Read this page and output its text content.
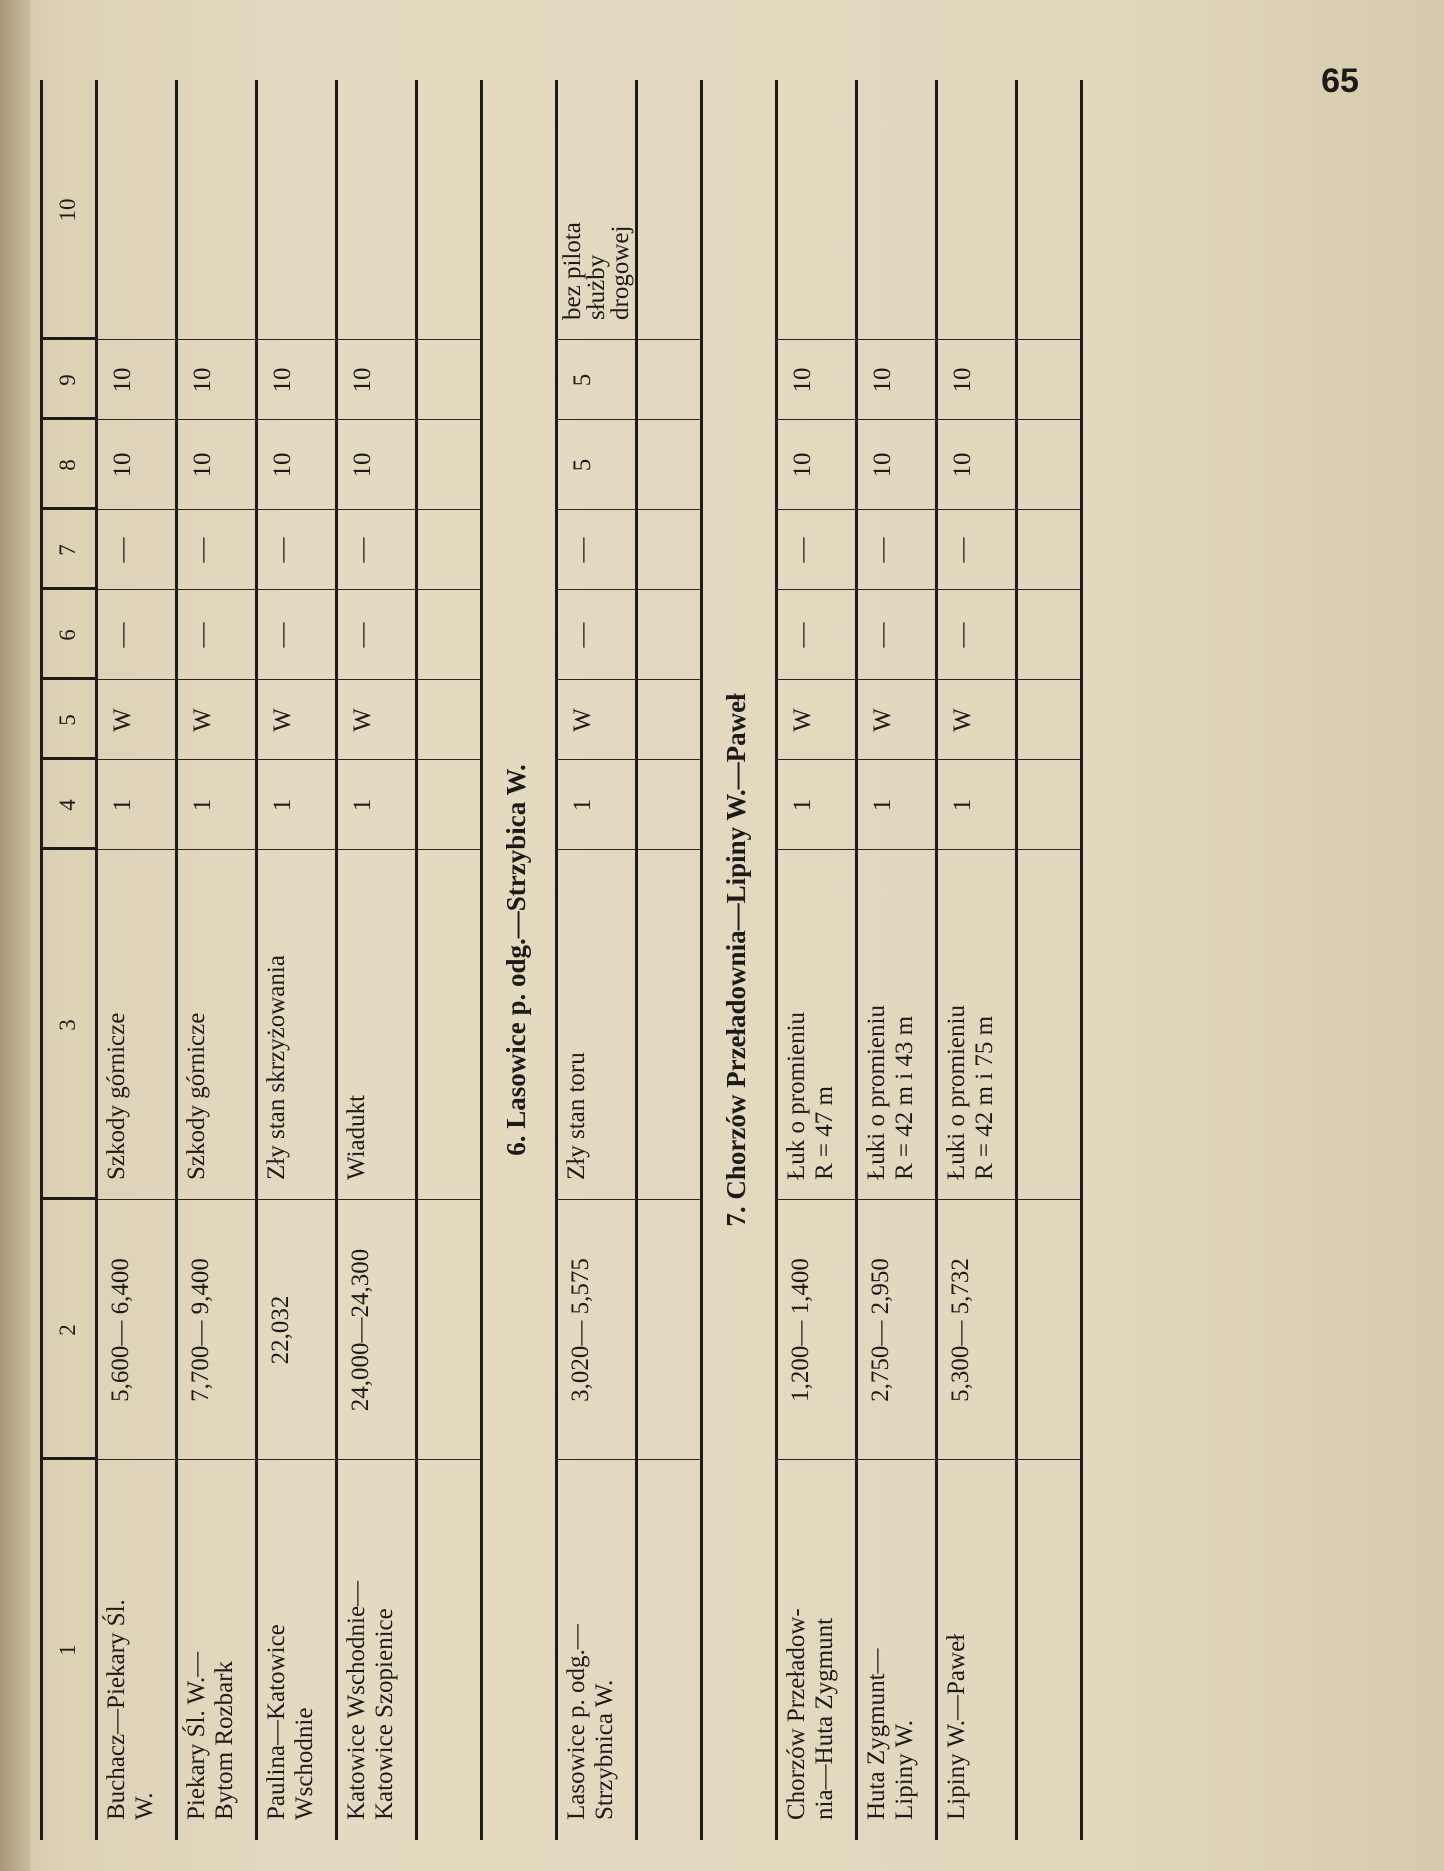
65
1
2
3
4
5
6
7
8
9
10
Buchacz—Piekary Śl. W.
5,600— 6,400
Szkody górnicze
1
W
—
—
10
10
Piekary Śl. W.— Bytom Rozbark
7,700— 9,400
Szkody górnicze
1
W
—
—
10
10
Paulina—Katowice Wschodnie
22,032
Zły stan skrzyżowania
1
W
—
—
10
10
Katowice Wschodnie— Katowice Szopienice
24,000—24,300
Wiadukt
1
W
—
—
10
10
6. Lasowice p. odg.—Strzybica W.
Lasowice p. odg.— Strzybnica W.
3,020— 5,575
Zły stan toru
1
W
—
—
5
5
bez pilota
służby
drogowej
7. Chorzów Przeładownia—Lipiny W.—Paweł
Chorzów Przeładow- nia—Huta Zygmunt
1,200— 1,400
Łuk o promieniu R = 47 m
1
W
—
—
10
10
Huta Zygmunt— Lipiny W.
2,750— 2,950
Łuki o promieniu R = 42 m i 43 m
1
W
—
—
10
10
Lipiny W.—Paweł
5,300— 5,732
Łuki o promieniu R = 42 m i 75 m
1
W
—
—
10
10
